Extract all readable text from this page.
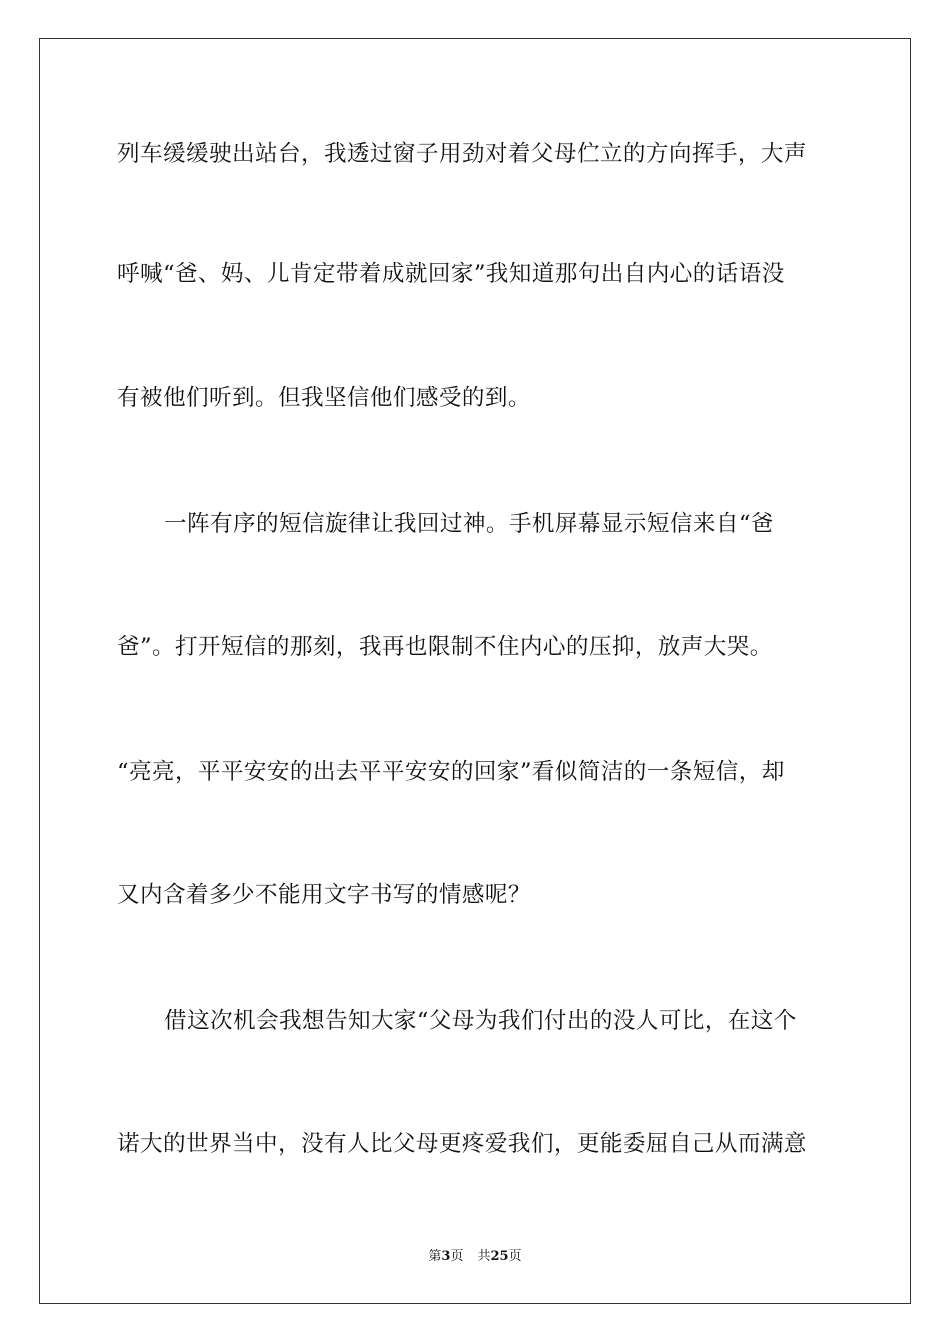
列车缓缓驶出站台，我透过窗子用劲对着父母伫立的方向挥手，大声
呼喊“爸、妈、儿肯定带着成就回家”我知道那句出自内心的话语没
有被他们听到。但我坚信他们感受的到。
一阵有序的短信旋律让我回过神。手机屏幕显示短信来自“爸
爸”。打开短信的那刻，我再也限制不住内心的压抑，放声大哭。
“亮亮，平平安安的出去平平安安的回家”看似简洁的一条短信，却
又内含着多少不能用文字书写的情感呢？
借这次机会我想告知大家“父母为我们付出的没人可比，在这个
诺大的世界当中，没有人比父母更疼爱我们，更能委屈自己从而满意
第3页 共25页
